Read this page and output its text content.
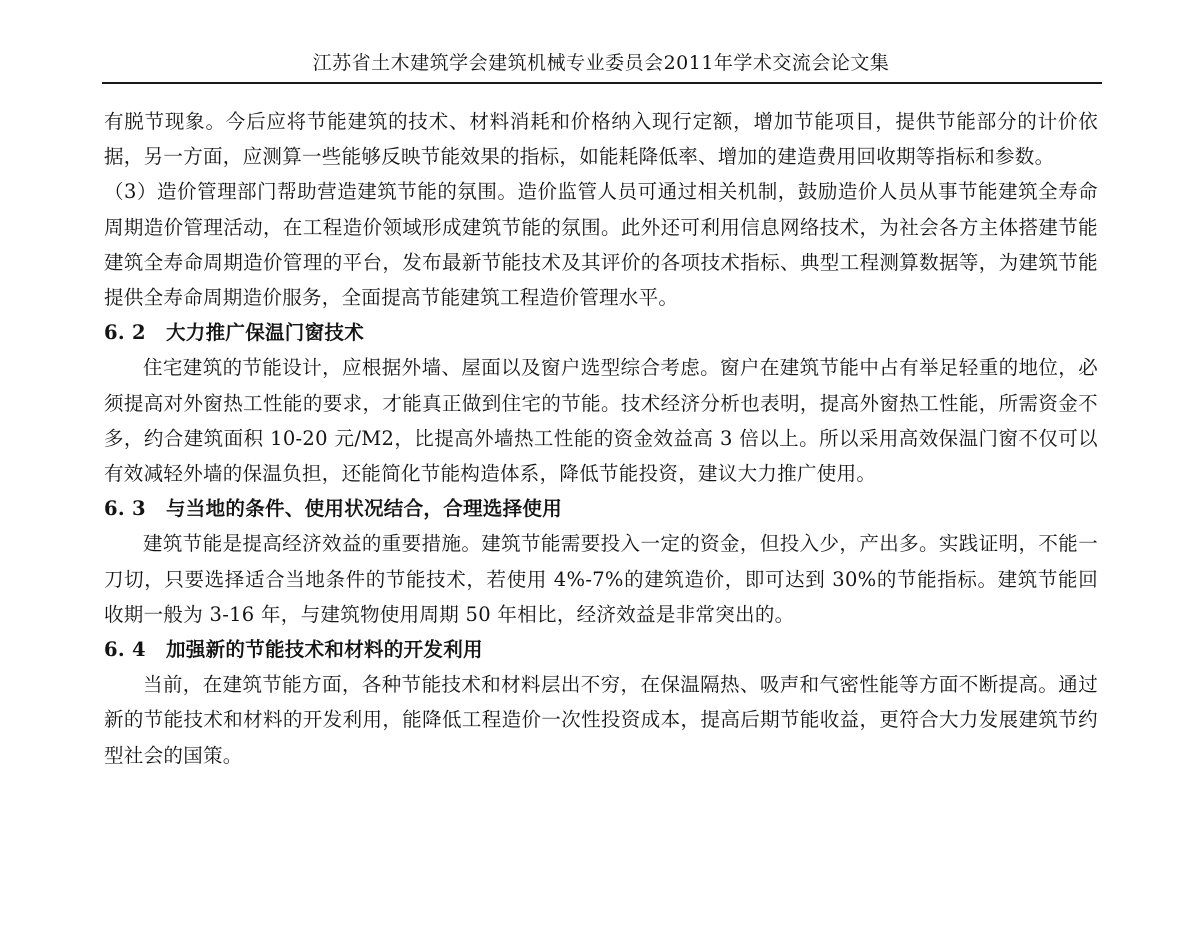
江苏省土木建筑学会建筑机械专业委员会2011年学术交流会论文集

有脱节现象。今后应将节能建筑的技术、材料消耗和价格纳入现行定额，增加节能项目，提供节能部分的计价依据，另一方面，应测算一些能够反映节能效果的指标，如能耗降低率、增加的建造费用回收期等指标和参数。

（3）造价管理部门帮助营造建筑节能的氛围。造价监管人员可通过相关机制，鼓励造价人员从事节能建筑全寿命周期造价管理活动，在工程造价领域形成建筑节能的氛围。此外还可利用信息网络技术，为社会各方主体搭建节能建筑全寿命周期造价管理的平台，发布最新节能技术及其评价的各项技术指标、典型工程测算数据等，为建筑节能提供全寿命周期造价服务，全面提高节能建筑工程造价管理水平。

6. 2 大力推广保温门窗技术

住宅建筑的节能设计，应根据外墙、屋面以及窗户选型综合考虑。窗户在建筑节能中占有举足轻重的地位，必须提高对外窗热工性能的要求，才能真正做到住宅的节能。技术经济分析也表明，提高外窗热工性能，所需资金不多，约合建筑面积 10-20 元/M2，比提高外墙热工性能的资金效益高 3 倍以上。所以采用高效保温门窗不仅可以有效减轻外墙的保温负担，还能简化节能构造体系，降低节能投资，建议大力推广使用。

6. 3 与当地的条件、使用状况结合，合理选择使用

建筑节能是提高经济效益的重要措施。建筑节能需要投入一定的资金，但投入少，产出多。实践证明，不能一刀切，只要选择适合当地条件的节能技术，若使用 4%-7%的建筑造价，即可达到 30%的节能指标。建筑节能回收期一般为 3-16 年，与建筑物使用周期 50 年相比，经济效益是非常突出的。

6. 4 加强新的节能技术和材料的开发利用

当前，在建筑节能方面，各种节能技术和材料层出不穷，在保温隔热、吸声和气密性能等方面不断提高。通过新的节能技术和材料的开发利用，能降低工程造价一次性投资成本，提高后期节能收益，更符合大力发展建筑节约型社会的国策。
